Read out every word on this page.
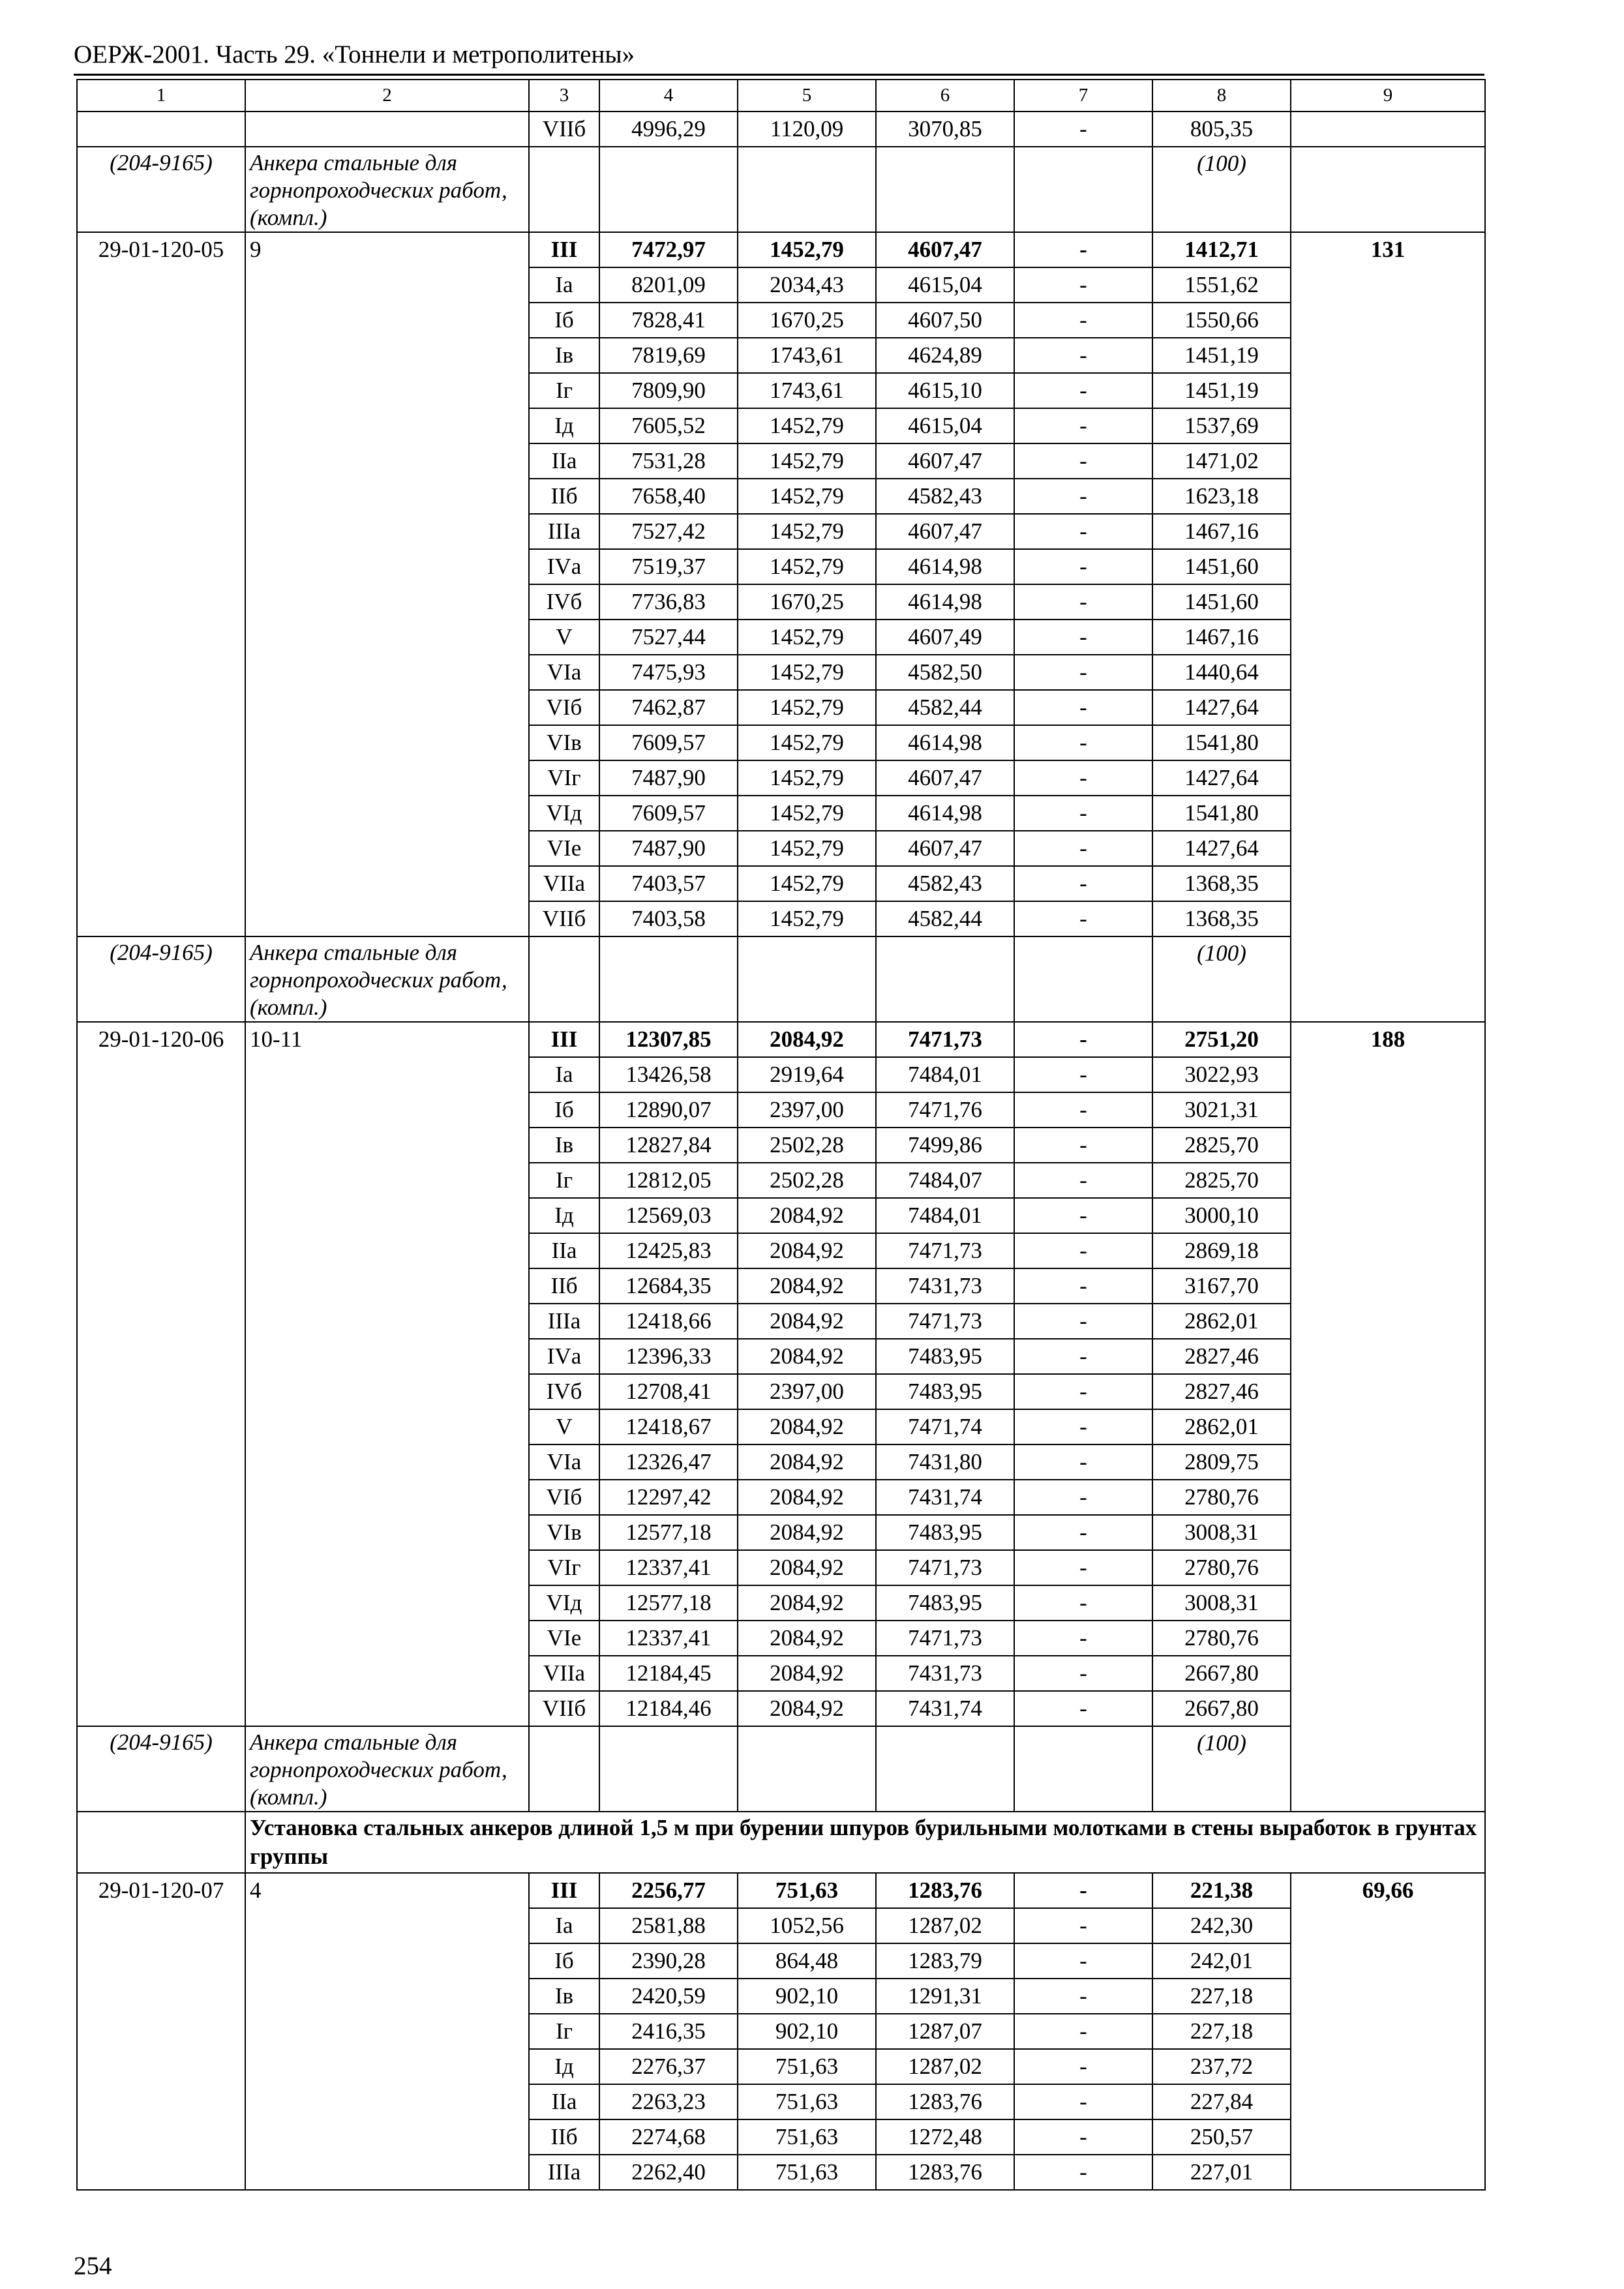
ОЕРЖ-2001. Часть 29. «Тоннели и метрополитены»
1	2	3	4	5	6	7	8	9
		VIIб	4996,29	1120,09	3070,85	-	805,35	
(204-9165)	Анкера стальные для горнопроходческих работ, (компл.)						(100)	
29-01-120-05	9	III	7472,97	1452,79	4607,47	-	1412,71	131
		Iа	8201,09	2034,43	4615,04	-	1551,62	
		Iб	7828,41	1670,25	4607,50	-	1550,66	
		Iв	7819,69	1743,61	4624,89	-	1451,19	
		Iг	7809,90	1743,61	4615,10	-	1451,19	
		Iд	7605,52	1452,79	4615,04	-	1537,69	
		IIа	7531,28	1452,79	4607,47	-	1471,02	
		IIб	7658,40	1452,79	4582,43	-	1623,18	
		IIIа	7527,42	1452,79	4607,47	-	1467,16	
		IVа	7519,37	1452,79	4614,98	-	1451,60	
		IVб	7736,83	1670,25	4614,98	-	1451,60	
		V	7527,44	1452,79	4607,49	-	1467,16	
		VIа	7475,93	1452,79	4582,50	-	1440,64	
		VIб	7462,87	1452,79	4582,44	-	1427,64	
		VIв	7609,57	1452,79	4614,98	-	1541,80	
		VIг	7487,90	1452,79	4607,47	-	1427,64	
		VIд	7609,57	1452,79	4614,98	-	1541,80	
		VIе	7487,90	1452,79	4607,47	-	1427,64	
		VIIа	7403,57	1452,79	4582,43	-	1368,35	
		VIIб	7403,58	1452,79	4582,44	-	1368,35	
(204-9165)	Анкера стальные для горнопроходческих работ, (компл.)						(100)	
29-01-120-06	10-11	III	12307,85	2084,92	7471,73	-	2751,20	188
		Iа	13426,58	2919,64	7484,01	-	3022,93	
		Iб	12890,07	2397,00	7471,76	-	3021,31	
		Iв	12827,84	2502,28	7499,86	-	2825,70	
		Iг	12812,05	2502,28	7484,07	-	2825,70	
		Iд	12569,03	2084,92	7484,01	-	3000,10	
		IIа	12425,83	2084,92	7471,73	-	2869,18	
		IIб	12684,35	2084,92	7431,73	-	3167,70	
		IIIа	12418,66	2084,92	7471,73	-	2862,01	
		IVа	12396,33	2084,92	7483,95	-	2827,46	
		IVб	12708,41	2397,00	7483,95	-	2827,46	
		V	12418,67	2084,92	7471,74	-	2862,01	
		VIа	12326,47	2084,92	7431,80	-	2809,75	
		VIб	12297,42	2084,92	7431,74	-	2780,76	
		VIв	12577,18	2084,92	7483,95	-	3008,31	
		VIг	12337,41	2084,92	7471,73	-	2780,76	
		VIд	12577,18	2084,92	7483,95	-	3008,31	
		VIе	12337,41	2084,92	7471,73	-	2780,76	
		VIIа	12184,45	2084,92	7431,73	-	2667,80	
		VIIб	12184,46	2084,92	7431,74	-	2667,80	
(204-9165)	Анкера стальные для горнопроходческих работ, (компл.)						(100)	
	Установка стальных анкеров длиной 1,5 м при бурении шпуров бурильными молотками в стены выработок в грунтах группы							
29-01-120-07	4	III	2256,77	751,63	1283,76	-	221,38	69,66
		Iа	2581,88	1052,56	1287,02	-	242,30	
		Iб	2390,28	864,48	1283,79	-	242,01	
		Iв	2420,59	902,10	1291,31	-	227,18	
		Iг	2416,35	902,10	1287,07	-	227,18	
		Iд	2276,37	751,63	1287,02	-	237,72	
		IIа	2263,23	751,63	1283,76	-	227,84	
		IIб	2274,68	751,63	1272,48	-	250,57	
		IIIа	2262,40	751,63	1283,76	-	227,01	
254
